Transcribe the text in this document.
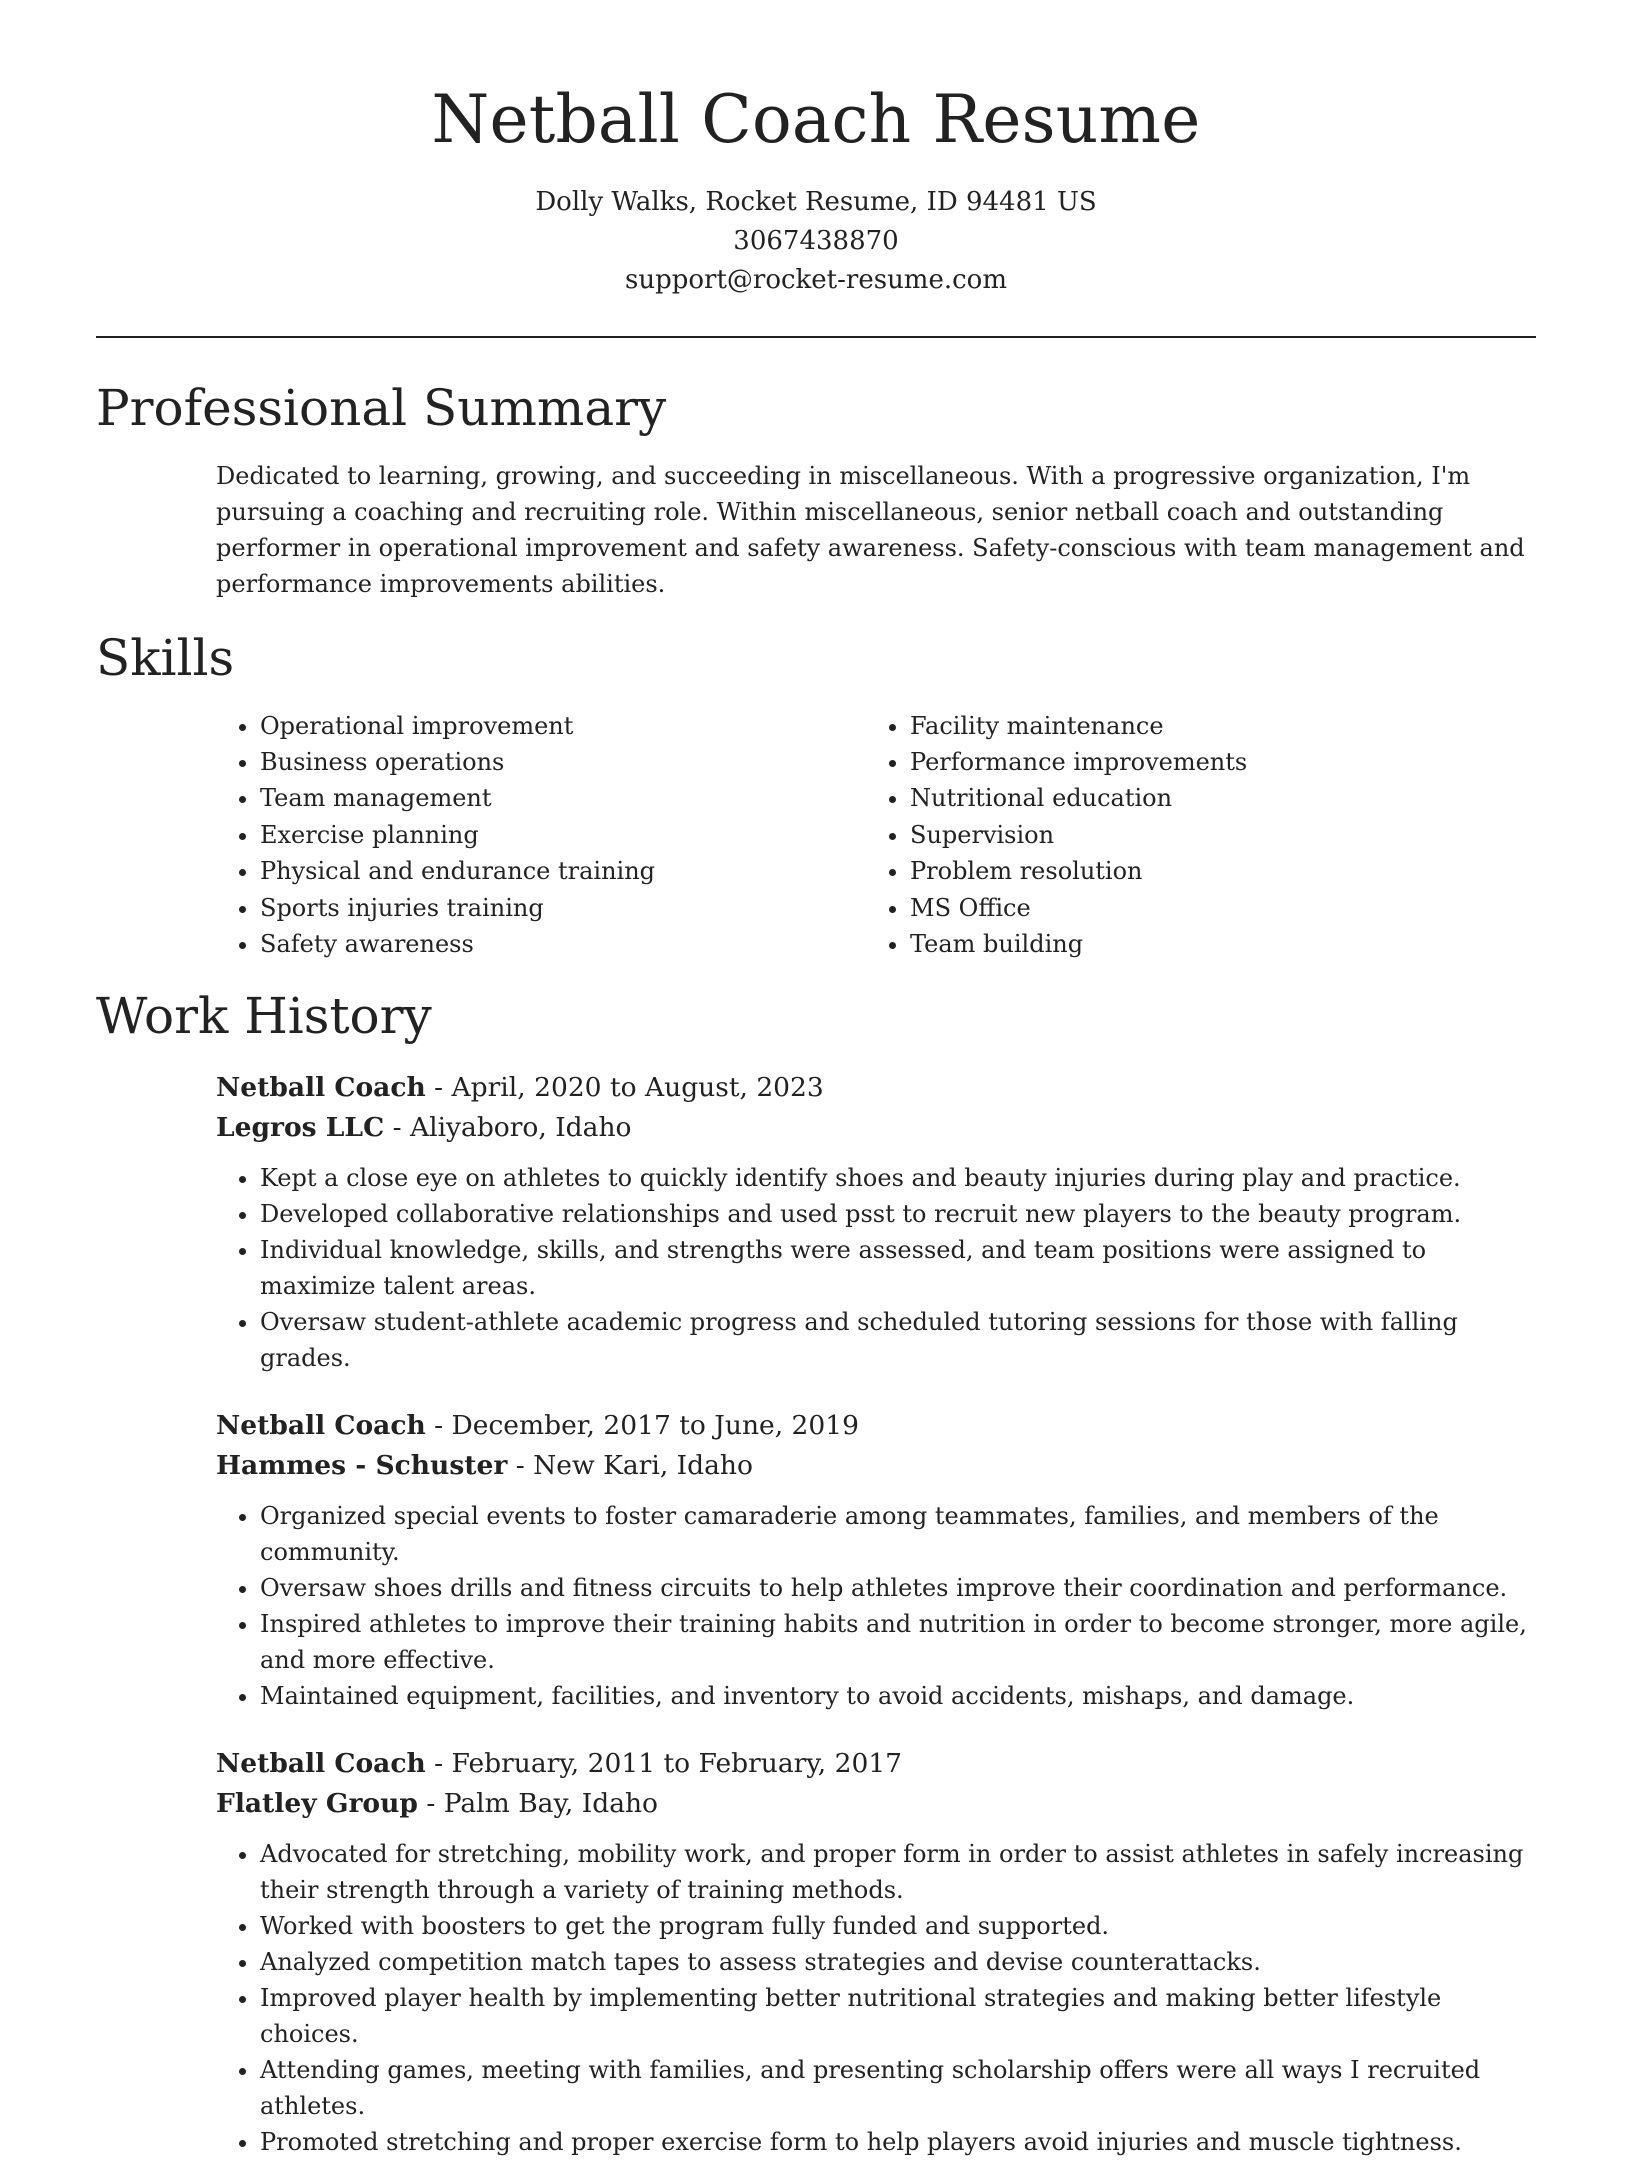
Netball Coach Resume
Dolly Walks, Rocket Resume, ID 94481 US
3067438870
support@rocket-resume.com
Professional Summary

Dedicated to learning, growing, and succeeding in miscellaneous. With a progressive organization, I'm pursuing a coaching and recruiting role. Within miscellaneous, senior netball coach and outstanding performer in operational improvement and safety awareness. Safety-conscious with team management and performance improvements abilities.

Skills
• Operational improvement
• Business operations
• Team management
• Exercise planning
• Physical and endurance training
• Sports injuries training
• Safety awareness
• Facility maintenance
• Performance improvements
• Nutritional education
• Supervision
• Problem resolution
• MS Office
• Team building
Work History
Netball Coach - April, 2020 to August, 2023
Legros LLC - Aliyaboro, Idaho
• Kept a close eye on athletes to quickly identify shoes and beauty injuries during play and practice.
• Developed collaborative relationships and used psst to recruit new players to the beauty program.
• Individual knowledge, skills, and strengths were assessed, and team positions were assigned to maximize talent areas.
• Oversaw student-athlete academic progress and scheduled tutoring sessions for those with falling grades.
Netball Coach - December, 2017 to June, 2019
Hammes - Schuster - New Kari, Idaho
• Organized special events to foster camaraderie among teammates, families, and members of the community.
• Oversaw shoes drills and fitness circuits to help athletes improve their coordination and performance.
• Inspired athletes to improve their training habits and nutrition in order to become stronger, more agile, and more effective.
• Maintained equipment, facilities, and inventory to avoid accidents, mishaps, and damage.
Netball Coach - February, 2011 to February, 2017
Flatley Group - Palm Bay, Idaho
• Advocated for stretching, mobility work, and proper form in order to assist athletes in safely increasing their strength through a variety of training methods.
• Worked with boosters to get the program fully funded and supported.
• Analyzed competition match tapes to assess strategies and devise counterattacks.
• Improved player health by implementing better nutritional strategies and making better lifestyle choices.
• Attending games, meeting with families, and presenting scholarship offers were all ways I recruited athletes.
• Promoted stretching and proper exercise form to help players avoid injuries and muscle tightness.
